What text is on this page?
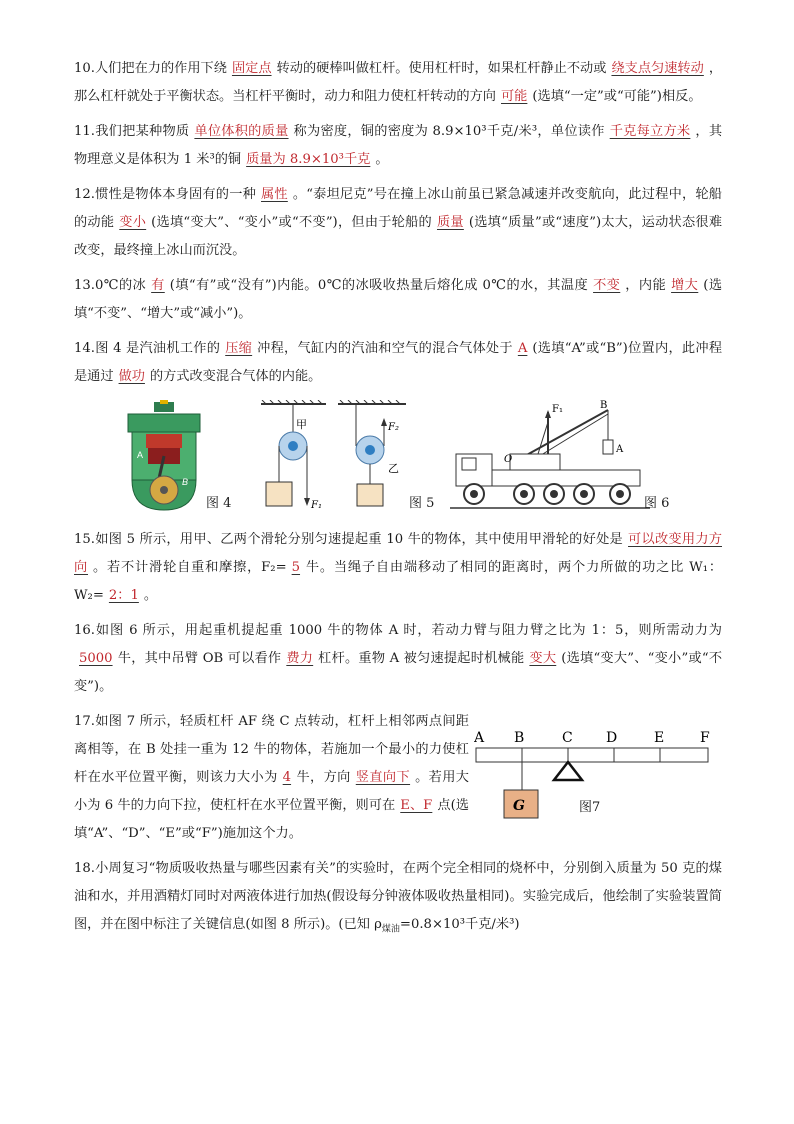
10.人们把在力的作用下绕 固定点 转动的硬棒叫做杠杆。使用杠杆时，如果杠杆静止不动或 绕支点匀速转动 ，那么杠杆就处于平衡状态。当杠杆平衡时，动力和阻力使杠杆转动的方向 可能 (选填“一定”或“可能”)相反。

11.我们把某种物质 单位体积的质量 称为密度，铜的密度为 8.9×10³千克/米³，单位读作 千克每立方米 ，其物理意义是体积为 1 米³的铜 质量为 8.9×10³千克 。

12.惯性是物体本身固有的一种 属性 。“泰坦尼克”号在撞上冰山前虽已紧急减速并改变航向，此过程中，轮船的动能 变小 (选填“变大”、“变小”或“不变”)，但由于轮船的 质量 (选填“质量”或“速度”)太大，运动状态很难改变，最终撞上冰山而沉没。

13.0℃的冰 有 (填“有”或“没有”)内能。0℃的冰吸收热量后熔化成 0℃的水，其温度 不变 ，内能 增大 (选填“不变”、“增大”或“减小”)。

14.图 4 是汽油机工作的 压缩 冲程，气缸内的汽油和空气的混合气体处于 A (选填“A”或“B”)位置内，此冲程是通过 做功 的方式改变混合气体的内能。

A
B
图 4
甲
F₁
F₂
乙
图 5
F₁	B
A
O
图 6

15.如图 5 所示，用甲、乙两个滑轮分别匀速提起重 10 牛的物体，其中使用甲滑轮的好处是 可以改变用力方向 。若不计滑轮自重和摩擦，F₂= 5 牛。当绳子自由端移动了相同的距离时，两个力所做的功之比 W₁：W₂= 2：1 。

16.如图 6 所示，用起重机提起重 1000 牛的物体 A 时，若动力臂与阻力臂之比为 1：5，则所需动力为5000 牛，其中吊臂 OB 可以看作 费力 杠杆。重物 A 被匀速提起时机械能 变大 (选填“变大”、“变小”或“不变”)。

17.如图 7 所示，轻质杠杆 AF 绕 C 点转动，杠杆上相邻两点间距离相等，在 B 处挂一重为 12 牛的物体，若施加一个最小的力使杠杆在水平位置平衡，则该力大小为 4 牛，方向 竖直向下 。若用大小为 6 牛的力向下拉，使杠杆在水平位置平衡，则可在 E、F 点(选填“A”、“D”、“E”或“F”)施加这个力。

A B	C D	E	F
G	图7

18.小周复习“物质吸收热量与哪些因素有关”的实验时，在两个完全相同的烧杯中，分别倒入质量为 50 克的煤油和水，并用酒精灯同时对两液体进行加热(假设每分钟液体吸收热量相同)。实验完成后，他绘制了实验装置简图，并在图中标注了关键信息(如图 8 所示)。(已知 $\rho_{煤油}=0.8\times 10^3$千克/米³)
